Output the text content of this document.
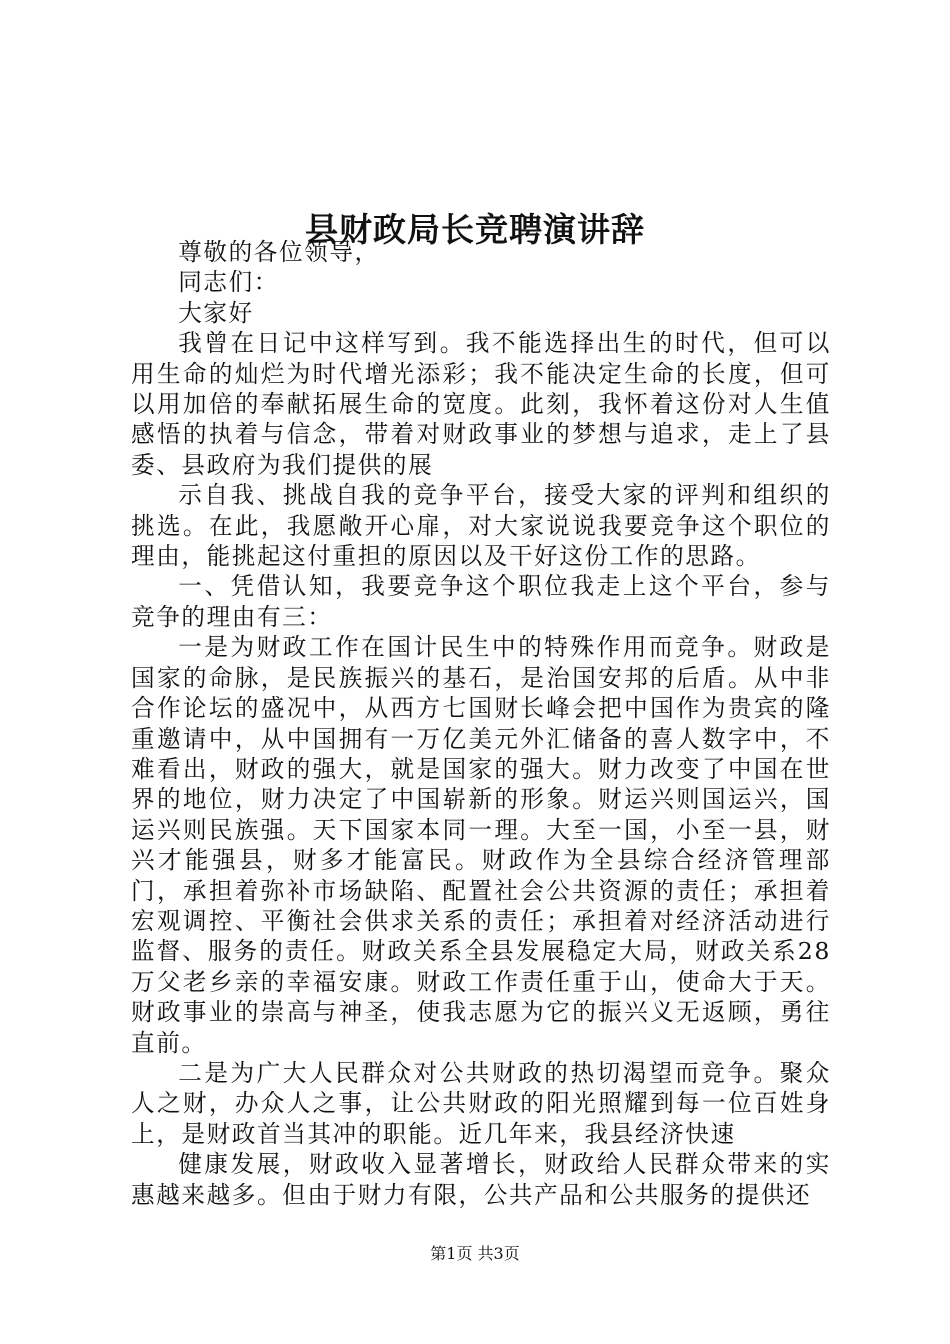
县财政局长竞聘演讲辞

尊敬的各位领导，

同志们：

大家好

我曾在日记中这样写到。我不能选择出生的时代，但可以用生命的灿烂为时代增光添彩；我不能决定生命的长度，但可以用加倍的奉献拓展生命的宽度。此刻，我怀着这份对人生值感悟的执着与信念，带着对财政事业的梦想与追求，走上了县委、县政府为我们提供的展

示自我、挑战自我的竞争平台，接受大家的评判和组织的挑选。在此，我愿敞开心扉，对大家说说我要竞争这个职位的理由，能挑起这付重担的原因以及干好这份工作的思路。

一、凭借认知，我要竞争这个职位我走上这个平台，参与竞争的理由有三：

一是为财政工作在国计民生中的特殊作用而竞争。财政是国家的命脉，是民族振兴的基石，是治国安邦的后盾。从中非合作论坛的盛况中，从西方七国财长峰会把中国作为贵宾的隆重邀请中，从中国拥有一万亿美元外汇储备的喜人数字中，不难看出，财政的强大，就是国家的强大。财力改变了中国在世界的地位，财力决定了中国崭新的形象。财运兴则国运兴，国运兴则民族强。天下国家本同一理。大至一国，小至一县，财兴才能强县，财多才能富民。财政作为全县综合经济管理部门，承担着弥补市场缺陷、配置社会公共资源的责任；承担着宏观调控、平衡社会供求关系的责任；承担着对经济活动进行监督、服务的责任。财政关系全县发展稳定大局，财政关系28万父老乡亲的幸福安康。财政工作责任重于山，使命大于天。财政事业的崇高与神圣，使我志愿为它的振兴义无返顾，勇往直前。

二是为广大人民群众对公共财政的热切渴望而竞争。聚众人之财，办众人之事，让公共财政的阳光照耀到每一位百姓身上，是财政首当其冲的职能。近几年来，我县经济快速

健康发展，财政收入显著增长，财政给人民群众带来的实惠越来越多。但由于财力有限，公共产品和公共服务的提供还

第1页 共3页
